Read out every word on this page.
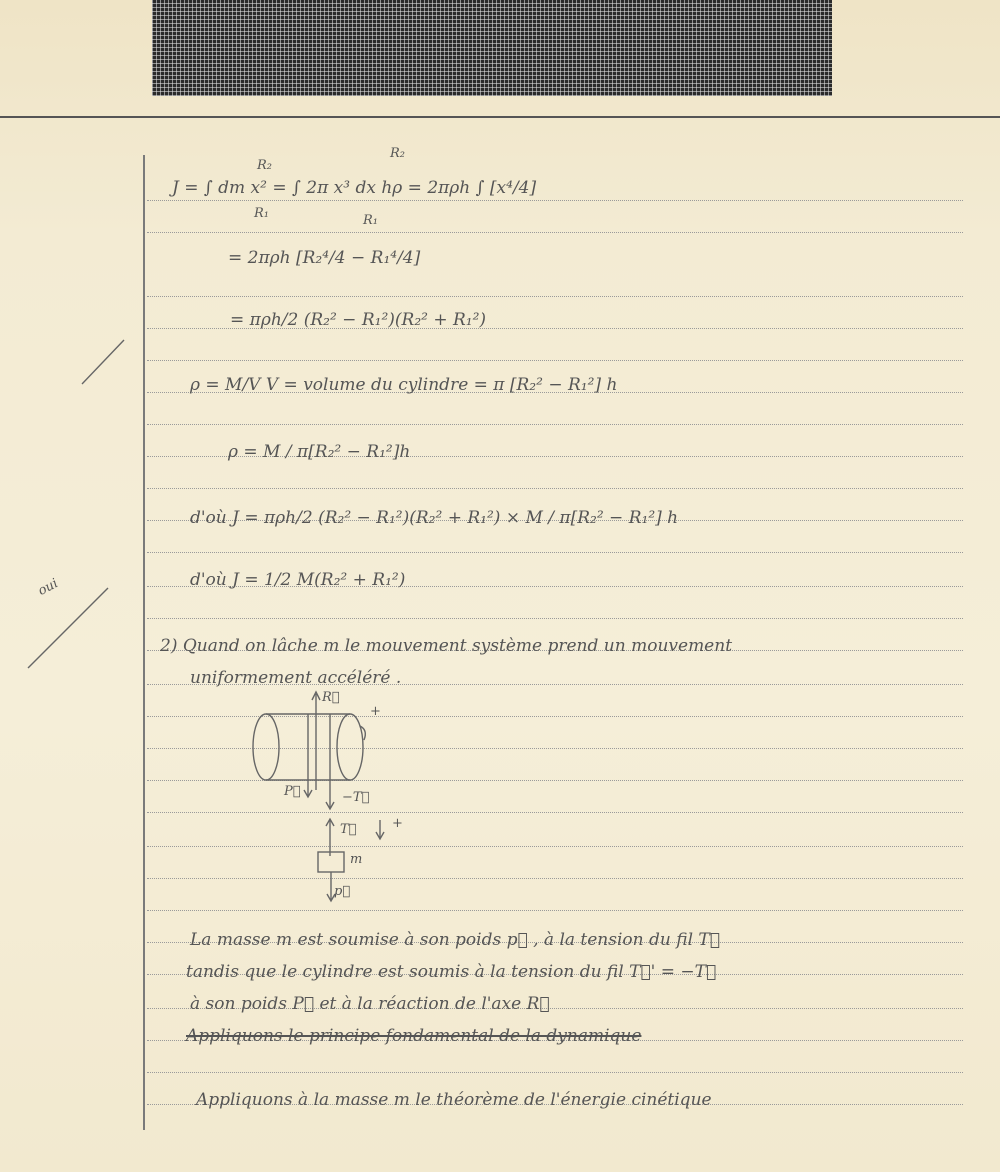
J = ∫ dm x² = ∫ 2π x³ dx hρ = 2πρh ∫ [x⁴/4]
R₂
R₁
R₂
R₁
= 2πρh [R₂⁴/4 − R₁⁴/4]
= πρh/2 (R₂² − R₁²)(R₂² + R₁²)
ρ = M/V V = volume du cylindre = π [R₂² − R₁²] h
ρ = M / π[R₂² − R₁²]h
d'où J = πρh/2 (R₂² − R₁²)(R₂² + R₁²) × M / π[R₂² − R₁²] h
d'où J = 1/2 M(R₂² + R₁²)
2) Quand on lâche m le mouvement système prend un mouvement
uniformement accéléré .
La masse m est soumise à son poids p⃗ , à la tension du fil T⃗
tandis que le cylindre est soumis à la tension du fil T⃗' = −T⃗
à son poids P⃗ et à la réaction de l'axe R⃗
Appliquons le principe fondamental de la dynamique
Appliquons à la masse m le théorème de l'énergie cinétique
oui
R⃗
P⃗	−T⃗
+
T⃗	+
m
p⃗
